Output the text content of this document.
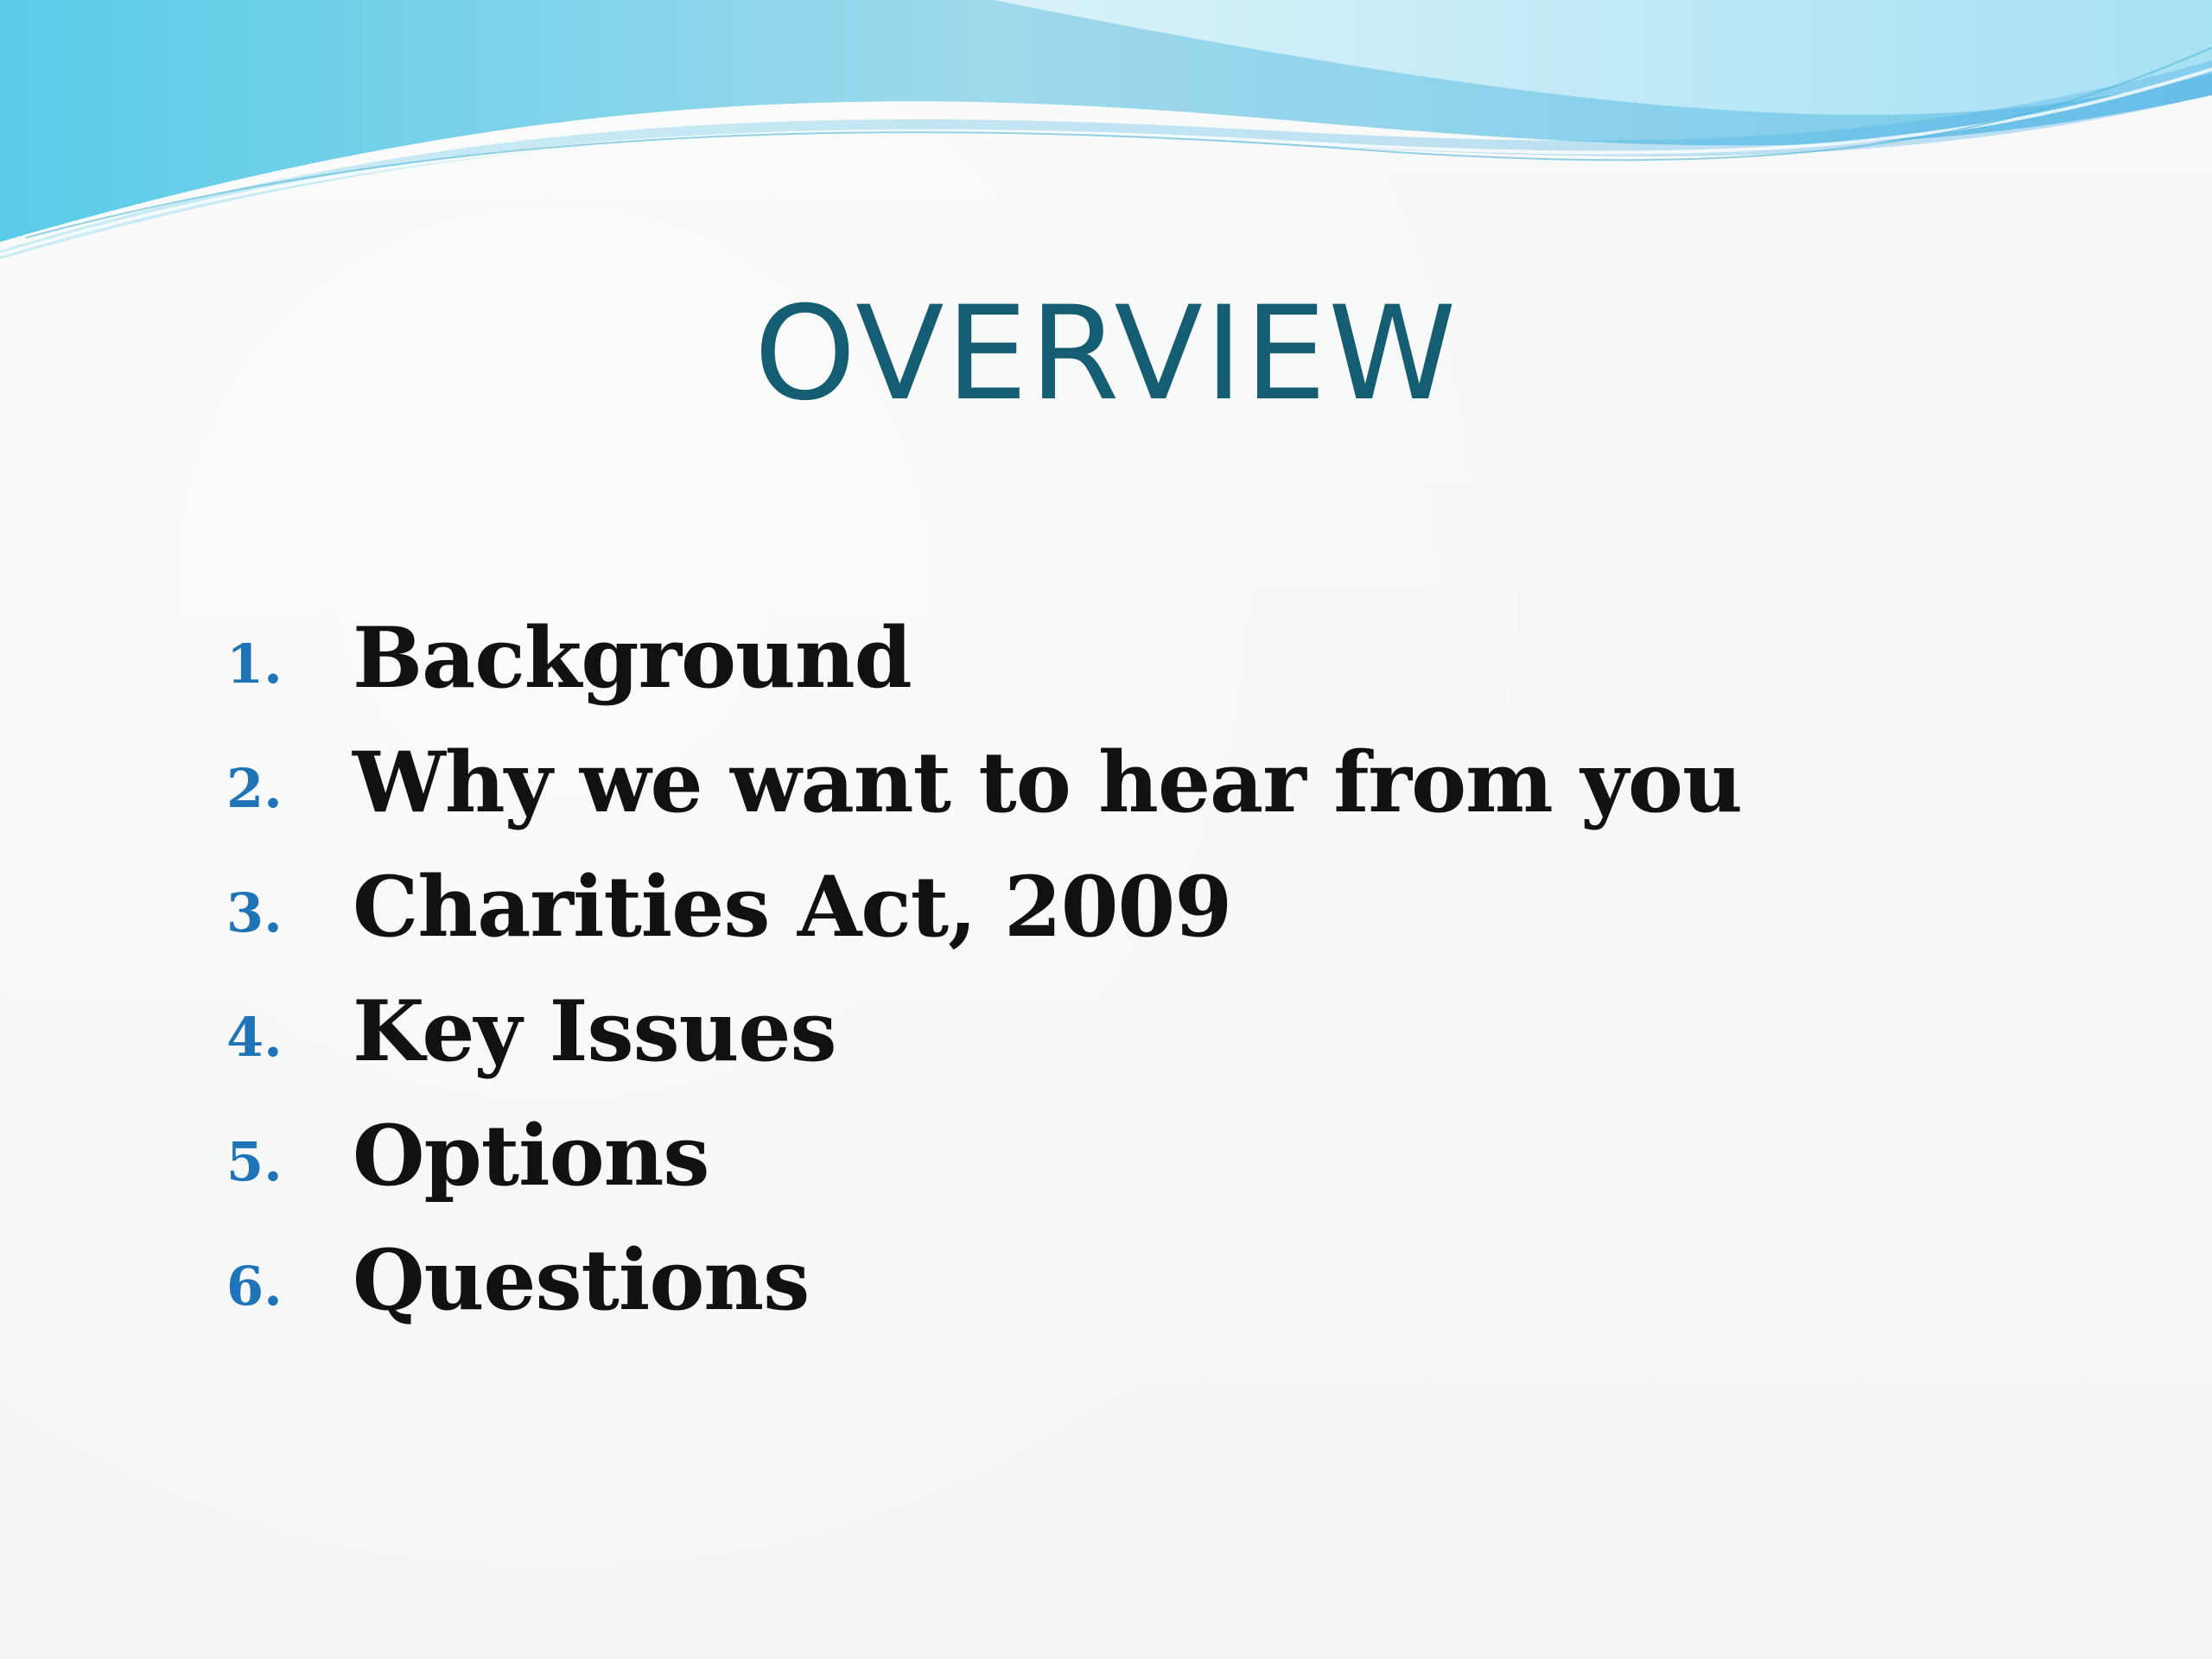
OVERVIEW
1. Background
2. Why we want to hear from you
3. Charities Act, 2009
4. Key Issues
5. Options
6. Questions
